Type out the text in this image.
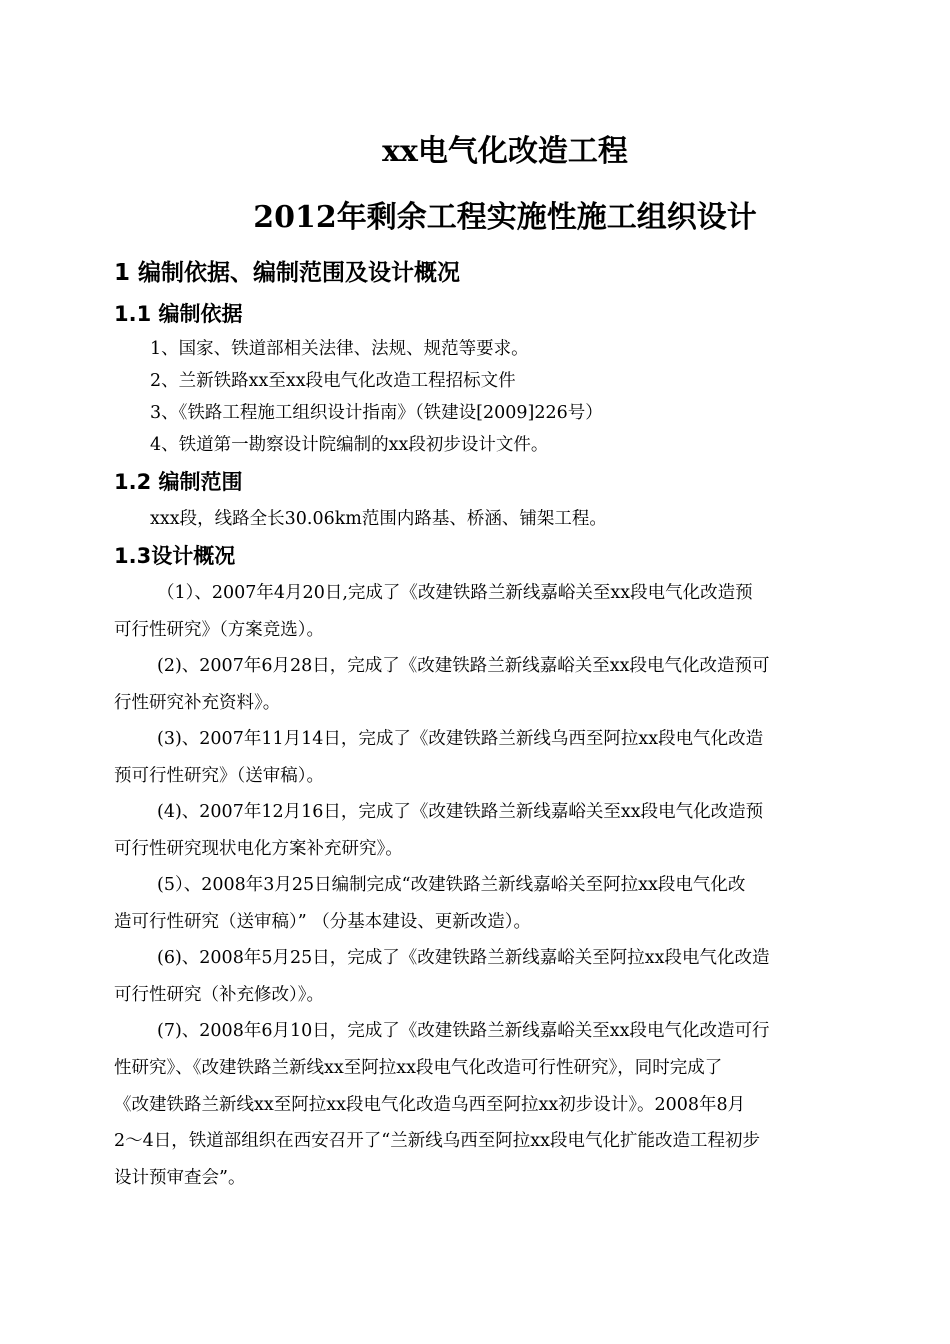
xx电气化改造工程
2012年剩余工程实施性施工组织设计
1 编制依据、编制范围及设计概况
1.1 编制依据
1、国家、铁道部相关法律、法规、规范等要求。
2、兰新铁路xx至xx段电气化改造工程招标文件
3、《铁路工程施工组织设计指南》（铁建设[2009]226号）
4、铁道第一勘察设计院编制的xx段初步设计文件。
1.2 编制范围
xxx段，线路全长30.06km范围内路基、桥涵、铺架工程。
1.3设计概况
（1）、2007年4月20日,完成了《改建铁路兰新线嘉峪关至xx段电气化改造预
可行性研究》（方案竞选）。
(2)、2007年6月28日，完成了《改建铁路兰新线嘉峪关至xx段电气化改造预可
行性研究补充资料》。
(3)、2007年11月14日，完成了《改建铁路兰新线乌西至阿拉xx段电气化改造
预可行性研究》（送审稿）。
(4)、2007年12月16日，完成了《改建铁路兰新线嘉峪关至xx段电气化改造预
可行性研究现状电化方案补充研究》。
(5）、2008年3月25日编制完成“改建铁路兰新线嘉峪关至阿拉xx段电气化改
造可行性研究（送审稿）” （分基本建设、更新改造）。
(6)、2008年5月25日，完成了《改建铁路兰新线嘉峪关至阿拉xx段电气化改造
可行性研究（补充修改）》。
(7)、2008年6月10日，完成了《改建铁路兰新线嘉峪关至xx段电气化改造可行
性研究》、《改建铁路兰新线xx至阿拉xx段电气化改造可行性研究》，同时完成了
《改建铁路兰新线xx至阿拉xx段电气化改造乌西至阿拉xx初步设计》。2008年8月
2～4日，铁道部组织在西安召开了“兰新线乌西至阿拉xx段电气化扩能改造工程初步
设计预审查会”。
